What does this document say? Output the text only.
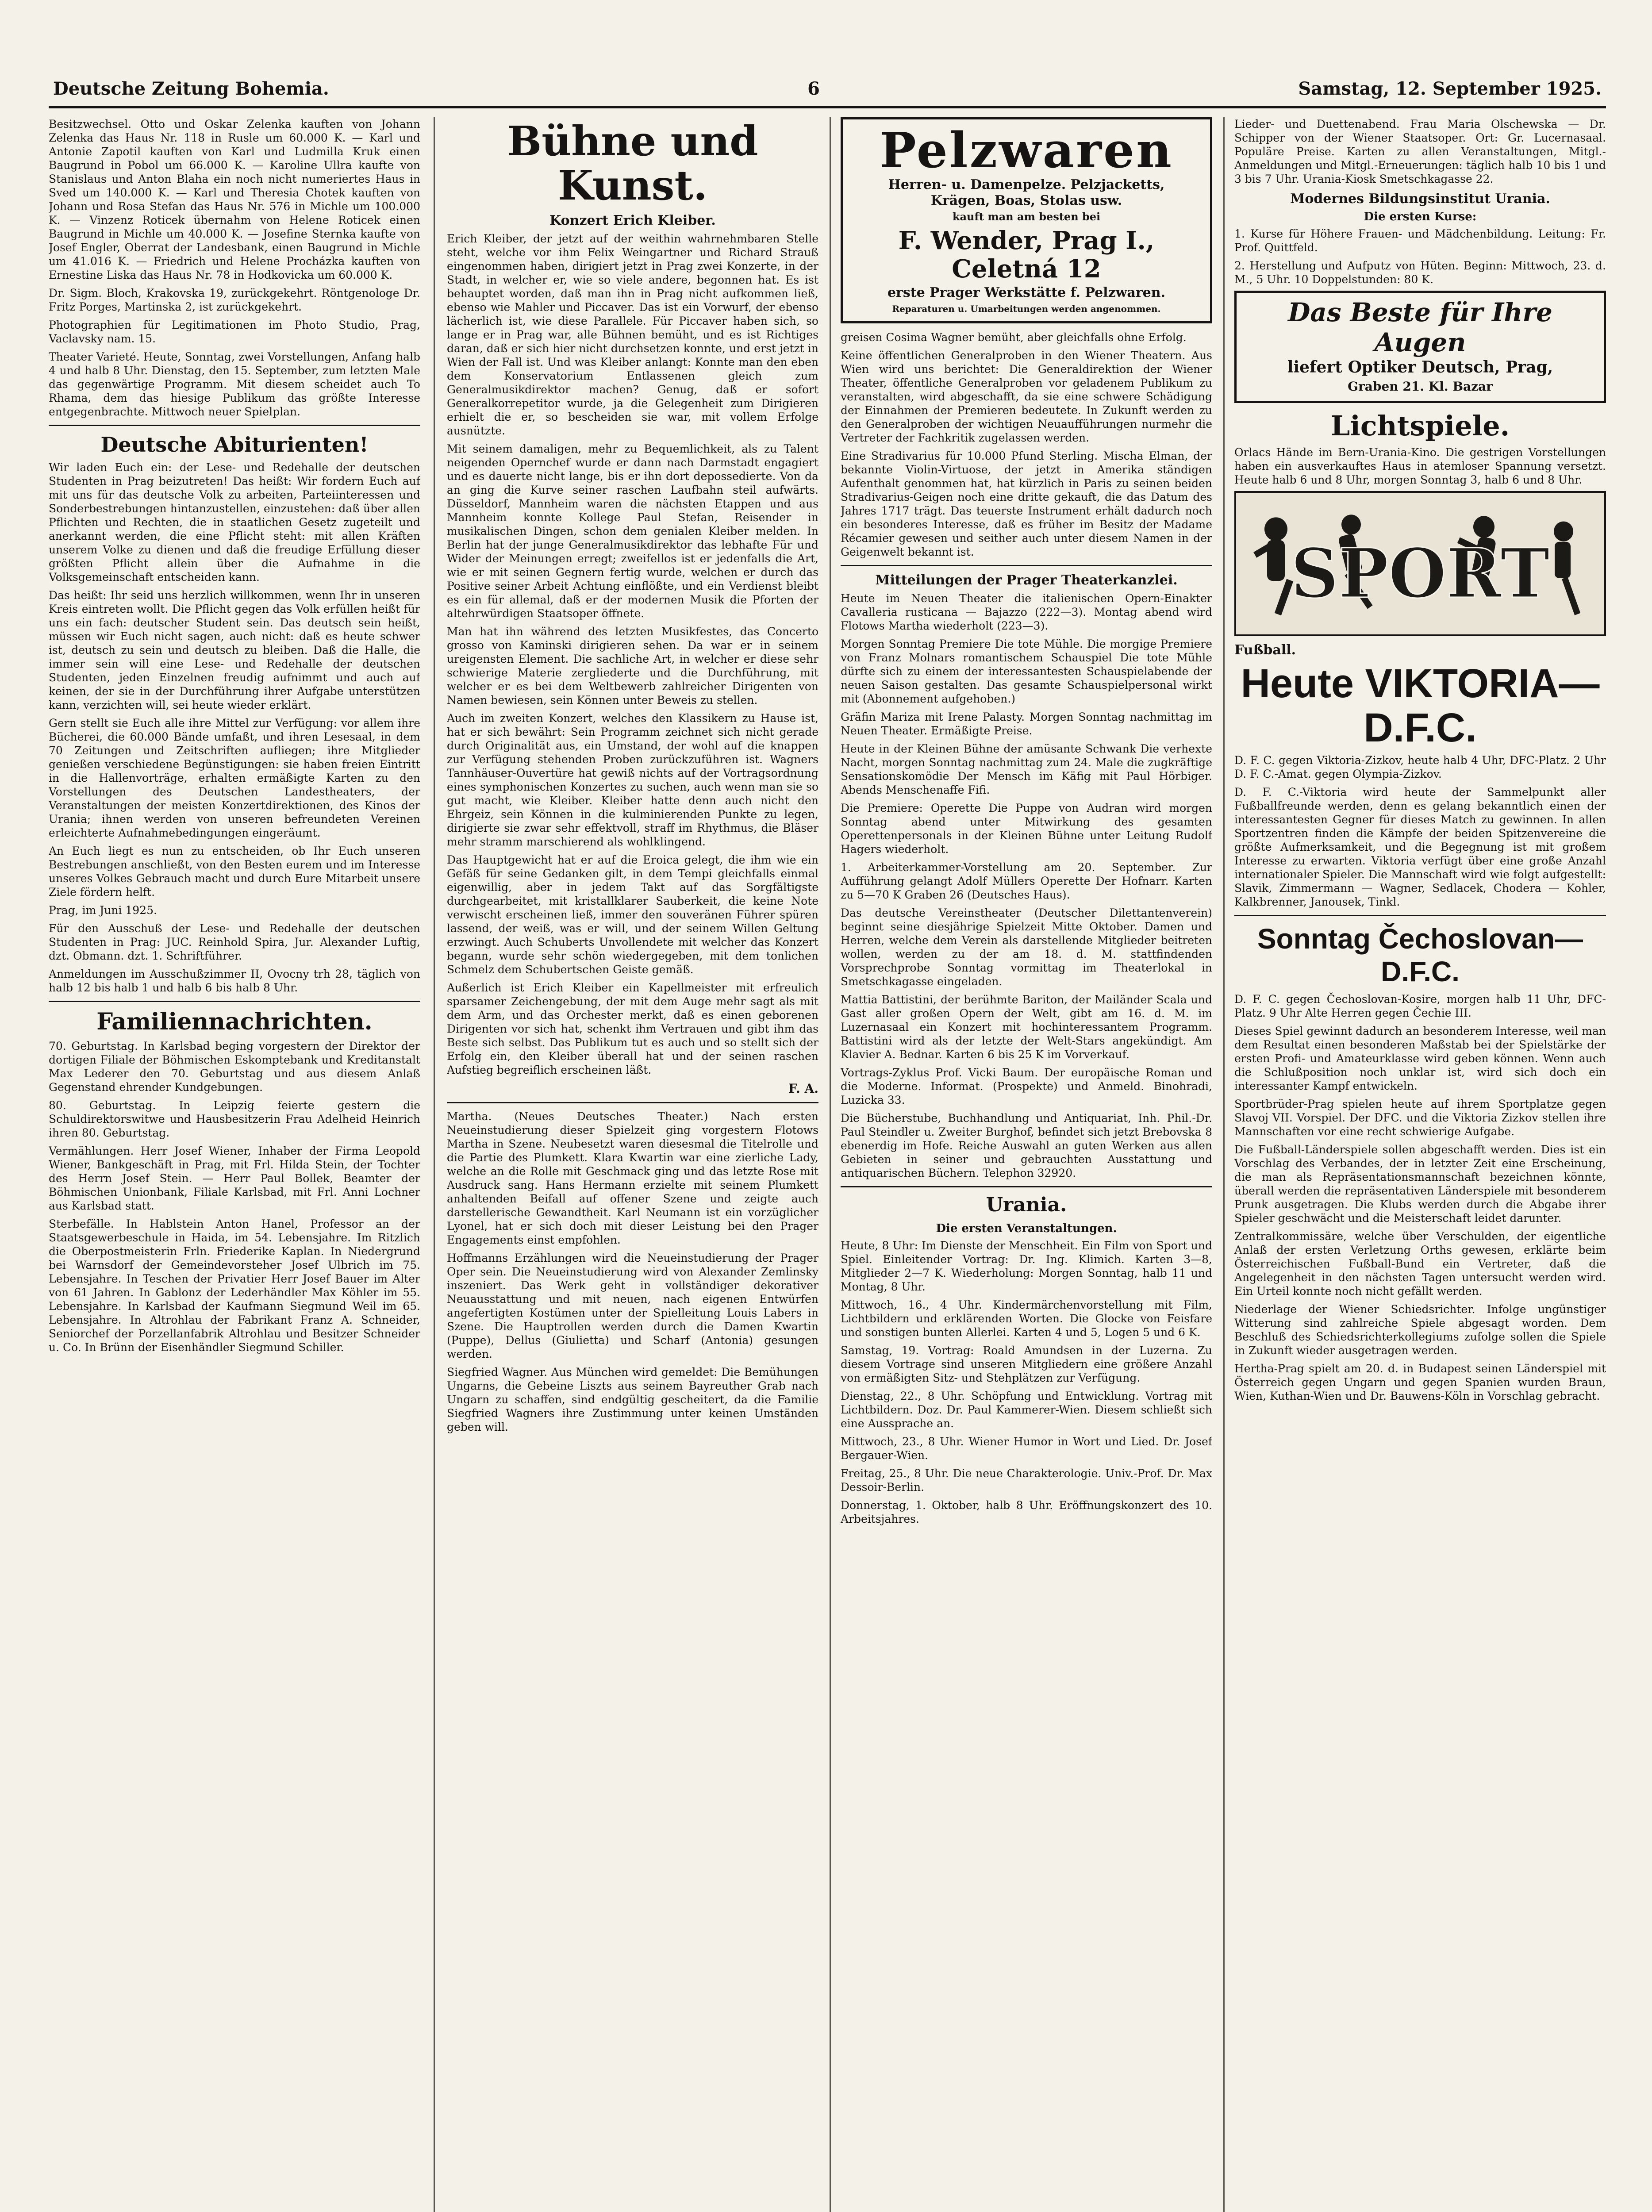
Deutsche Zeitung Bohemia.	6	Samstag, 12. September 1925.

Besitzwechsel. Otto und Oskar Zelenka kauften von Johann Zelenka das Haus Nr. 118 in Rusle um 60.000 K. — Karl und Antonie Zapotil kauften von Karl und Ludmilla Kruk einen Baugrund in Pobol um 66.000 K. — Karoline Ullra kaufte von Stanislaus und Anton Blaha ein noch nicht numeriertes Haus in Sved um 140.000 K. — Karl und Theresia Chotek kauften von Johann und Rosa Stefan das Haus Nr. 576 in Michle um 100.000 K. — Vinzenz Roticek übernahm von Helene Roticek einen Baugrund in Michle um 40.000 K. — Josefine Sternka kaufte von Josef Engler, Oberrat der Landesbank, einen Baugrund in Michle um 41.016 K. — Friedrich und Helene Procházka kauften von Ernestine Liska das Haus Nr. 78 in Hodkovicka um 60.000 K.

Dr. Sigm. Bloch, Krakovska 19, zurückgekehrt. Röntgenologe Dr. Fritz Porges, Martinska 2, ist zurückgekehrt.

Photographien für Legitimationen im Photo Studio, Prag, Vaclavsky nam. 15.

Theater Varieté. Heute, Sonntag, zwei Vorstellungen, Anfang halb 4 und halb 8 Uhr. Dienstag, den 15. September, zum letzten Male das gegenwärtige Programm. Mit diesem scheidet auch To Rhama, dem das hiesige Publikum das größte Interesse entgegenbrachte. Mittwoch neuer Spielplan.

Deutsche Abiturienten!

Wir laden Euch ein: der Lese- und Redehalle der deutschen Studenten in Prag beizutreten! Das heißt: Wir fordern Euch auf mit uns für das deutsche Volk zu arbeiten, Parteiinteressen und Sonderbestrebungen hintanzustellen, einzustehen: daß über allen Pflichten und Rechten, die in staatlichen Gesetz zugeteilt und anerkannt werden, die eine Pflicht steht: mit allen Kräften unserem Volke zu dienen und daß die freudige Erfüllung dieser größten Pflicht allein über die Aufnahme in die Volksgemeinschaft entscheiden kann.

Das heißt: Ihr seid uns herzlich willkommen, wenn Ihr in unseren Kreis eintreten wollt. Die Pflicht gegen das Volk erfüllen heißt für uns ein fach: deutscher Student sein. Das deutsch sein heißt, müssen wir Euch nicht sagen, auch nicht: daß es heute schwer ist, deutsch zu sein und deutsch zu bleiben. Daß die Halle, die immer sein will eine Lese- und Redehalle der deutschen Studenten, jeden Einzelnen freudig aufnimmt und auch auf keinen, der sie in der Durchführung ihrer Aufgabe unterstützen kann, verzichten will, sei heute wieder erklärt.

Gern stellt sie Euch alle ihre Mittel zur Verfügung: vor allem ihre Bücherei, die 60.000 Bände umfaßt, und ihren Lesesaal, in dem 70 Zeitungen und Zeitschriften aufliegen; ihre Mitglieder genießen verschiedene Begünstigungen: sie haben freien Eintritt in die Hallenvorträge, erhalten ermäßigte Karten zu den Vorstellungen des Deutschen Landestheaters, der Veranstaltungen der meisten Konzertdirektionen, des Kinos der Urania; ihnen werden von unseren befreundeten Vereinen erleichterte Aufnahmebedingungen eingeräumt.

An Euch liegt es nun zu entscheiden, ob Ihr Euch unseren Bestrebungen anschließt, von den Besten eurem und im Interesse unseres Volkes Gebrauch macht und durch Eure Mitarbeit unsere Ziele fördern helft.

Prag, im Juni 1925.

Für den Ausschuß der Lese- und Redehalle der deutschen Studenten in Prag: JUC. Reinhold Spira, Jur. Alexander Luftig, dzt. Obmann. dzt. 1. Schriftführer.

Anmeldungen im Ausschußzimmer II, Ovocny trh 28, täglich von halb 12 bis halb 1 und halb 6 bis halb 8 Uhr.

Familiennachrichten.

70. Geburtstag. In Karlsbad beging vorgestern der Direktor der dortigen Filiale der Böhmischen Eskomptebank und Kreditanstalt Max Lederer den 70. Geburtstag und aus diesem Anlaß Gegenstand ehrender Kundgebungen.

80. Geburtstag. In Leipzig feierte gestern die Schuldirektorswitwe und Hausbesitzerin Frau Adelheid Heinrich ihren 80. Geburtstag.

Vermählungen. Herr Josef Wiener, Inhaber der Firma Leopold Wiener, Bankgeschäft in Prag, mit Frl. Hilda Stein, der Tochter des Herrn Josef Stein. — Herr Paul Bollek, Beamter der Böhmischen Unionbank, Filiale Karlsbad, mit Frl. Anni Lochner aus Karlsbad statt.

Sterbefälle. In Hablstein Anton Hanel, Professor an der Staatsgewerbeschule in Haida, im 54. Lebensjahre. Im Ritzlich die Oberpostmeisterin Frln. Friederike Kaplan. In Niedergrund bei Warnsdorf der Gemeindevorsteher Josef Ulbrich im 75. Lebensjahre. In Teschen der Privatier Herr Josef Bauer im Alter von 61 Jahren. In Gablonz der Lederhändler Max Köhler im 55. Lebensjahre. In Karlsbad der Kaufmann Siegmund Weil im 65. Lebensjahre. In Altrohlau der Fabrikant Franz A. Schneider, Seniorchef der Porzellanfabrik Altrohlau und Besitzer Schneider u. Co. In Brünn der Eisenhändler Siegmund Schiller.

Bühne und Kunst.
Konzert Erich Kleiber.

Erich Kleiber, der jetzt auf der weithin wahrnehmbaren Stelle steht, welche vor ihm Felix Weingartner und Richard Strauß eingenommen haben, dirigiert jetzt in Prag zwei Konzerte, in der Stadt, in welcher er, wie so viele andere, begonnen hat. Es ist behauptet worden, daß man ihn in Prag nicht aufkommen ließ, ebenso wie Mahler und Piccaver. Das ist ein Vorwurf, der ebenso lächerlich ist, wie diese Parallele. Für Piccaver haben sich, so lange er in Prag war, alle Bühnen bemüht, und es ist Richtiges daran, daß er sich hier nicht durchsetzen konnte, und erst jetzt in Wien der Fall ist. Und was Kleiber anlangt: Konnte man den eben dem Konservatorium Entlassenen gleich zum Generalmusikdirektor machen? Genug, daß er sofort Generalkorrepetitor wurde, ja die Gelegenheit zum Dirigieren erhielt die er, so bescheiden sie war, mit vollem Erfolge ausnützte.

Mit seinem damaligen, mehr zu Bequemlichkeit, als zu Talent neigenden Opernchef wurde er dann nach Darmstadt engagiert und es dauerte nicht lange, bis er ihn dort depossedierte. Von da an ging die Kurve seiner raschen Laufbahn steil aufwärts. Düsseldorf, Mannheim waren die nächsten Etappen und aus Mannheim konnte Kollege Paul Stefan, Reisender in musikalischen Dingen, schon dem genialen Kleiber melden. In Berlin hat der junge Generalmusikdirektor das lebhafte Für und Wider der Meinungen erregt; zweifellos ist er jedenfalls die Art, wie er mit seinen Gegnern fertig wurde, welchen er durch das Positive seiner Arbeit Achtung einflößte, und ein Verdienst bleibt es ein für allemal, daß er der modernen Musik die Pforten der altehrwürdigen Staatsoper öffnete.

Man hat ihn während des letzten Musikfestes, das Concerto grosso von Kaminski dirigieren sehen. Da war er in seinem ureigensten Element. Die sachliche Art, in welcher er diese sehr schwierige Materie zergliederte und die Durchführung, mit welcher er es bei dem Weltbewerb zahlreicher Dirigenten von Namen bewiesen, sein Können unter Beweis zu stellen.

Auch im zweiten Konzert, welches den Klassikern zu Hause ist, hat er sich bewährt: Sein Programm zeichnet sich nicht gerade durch Originalität aus, ein Umstand, der wohl auf die knappen zur Verfügung stehenden Proben zurückzuführen ist. Wagners Tannhäuser-Ouvertüre hat gewiß nichts auf der Vortragsordnung eines symphonischen Konzertes zu suchen, auch wenn man sie so gut macht, wie Kleiber. Kleiber hatte denn auch nicht den Ehrgeiz, sein Können in die kulminierenden Punkte zu legen, dirigierte sie zwar sehr effektvoll, straff im Rhythmus, die Bläser mehr stramm marschierend als wohlklingend.

Das Hauptgewicht hat er auf die Eroica gelegt, die ihm wie ein Gefäß für seine Gedanken gilt, in dem Tempi gleichfalls einmal eigenwillig, aber in jedem Takt auf das Sorgfältigste durchgearbeitet, mit kristallklarer Sauberkeit, die keine Note verwischt erscheinen ließ, immer den souveränen Führer spüren lassend, der weiß, was er will, und der seinem Willen Geltung erzwingt. Auch Schuberts Unvollendete mit welcher das Konzert begann, wurde sehr schön wiedergegeben, mit dem tonlichen Schmelz dem Schubertschen Geiste gemäß.

Außerlich ist Erich Kleiber ein Kapellmeister mit erfreulich sparsamer Zeichengebung, der mit dem Auge mehr sagt als mit dem Arm, und das Orchester merkt, daß es einen geborenen Dirigenten vor sich hat, schenkt ihm Vertrauen und gibt ihm das Beste sich selbst. Das Publikum tut es auch und so stellt sich der Erfolg ein, den Kleiber überall hat und der seinen raschen Aufstieg begreiflich erscheinen läßt.

F. A.

Martha. (Neues Deutsches Theater.) Nach ersten Neueinstudierung dieser Spielzeit ging vorgestern Flotows Martha in Szene. Neubesetzt waren diesesmal die Titelrolle und die Partie des Plumkett. Klara Kwartin war eine zierliche Lady, welche an die Rolle mit Geschmack ging und das letzte Rose mit Ausdruck sang. Hans Hermann erzielte mit seinem Plumkett anhaltenden Beifall auf offener Szene und zeigte auch darstellerische Gewandtheit. Karl Neumann ist ein vorzüglicher Lyonel, hat er sich doch mit dieser Leistung bei den Prager Engagements einst empfohlen.

Hoffmanns Erzählungen wird die Neueinstudierung der Prager Oper sein. Die Neueinstudierung wird von Alexander Zemlinsky inszeniert. Das Werk geht in vollständiger dekorativer Neuausstattung und mit neuen, nach eigenen Entwürfen angefertigten Kostümen unter der Spielleitung Louis Labers in Szene. Die Hauptrollen werden durch die Damen Kwartin (Puppe), Dellus (Giulietta) und Scharf (Antonia) gesungen werden.

Siegfried Wagner. Aus München wird gemeldet: Die Bemühungen Ungarns, die Gebeine Liszts aus seinem Bayreuther Grab nach Ungarn zu schaffen, sind endgültig gescheitert, da die Familie Siegfried Wagners ihre Zustimmung unter keinen Umständen geben will.

Pelzwaren

Herren- u. Damenpelze. Pelzjacketts,

Krägen, Boas, Stolas usw.

kauft man am besten bei

F. Wender, Prag I., Celetná 12

erste Prager Werkstätte f. Pelzwaren.

Reparaturen u. Umarbeitungen werden angenommen.

greisen Cosima Wagner bemüht, aber gleichfalls ohne Erfolg.

Keine öffentlichen Generalproben in den Wiener Theatern. Aus Wien wird uns berichtet: Die Generaldirektion der Wiener Theater, öffentliche Generalproben vor geladenem Publikum zu veranstalten, wird abgeschafft, da sie eine schwere Schädigung der Einnahmen der Premieren bedeutete. In Zukunft werden zu den Generalproben der wichtigen Neuaufführungen nurmehr die Vertreter der Fachkritik zugelassen werden.

Eine Stradivarius für 10.000 Pfund Sterling. Mischa Elman, der bekannte Violin-Virtuose, der jetzt in Amerika ständigen Aufenthalt genommen hat, hat kürzlich in Paris zu seinen beiden Stradivarius-Geigen noch eine dritte gekauft, die das Datum des Jahres 1717 trägt. Das teuerste Instrument erhält dadurch noch ein besonderes Interesse, daß es früher im Besitz der Madame Récamier gewesen und seither auch unter diesem Namen in der Geigenwelt bekannt ist.

Mitteilungen der Prager Theaterkanzlei.

Heute im Neuen Theater die italienischen Opern-Einakter Cavalleria rusticana — Bajazzo (222—3). Montag abend wird Flotows Martha wiederholt (223—3).

Morgen Sonntag Premiere Die tote Mühle. Die morgige Premiere von Franz Molnars romantischem Schauspiel Die tote Mühle dürfte sich zu einem der interessantesten Schauspielabende der neuen Saison gestalten. Das gesamte Schauspielpersonal wirkt mit (Abonnement aufgehoben.)

Gräfin Mariza mit Irene Palasty. Morgen Sonntag nachmittag im Neuen Theater. Ermäßigte Preise.

Heute in der Kleinen Bühne der amüsante Schwank Die verhexte Nacht, morgen Sonntag nachmittag zum 24. Male die zugkräftige Sensationskomödie Der Mensch im Käfig mit Paul Hörbiger. Abends Menschenaffe Fifi.

Die Premiere: Operette Die Puppe von Audran wird morgen Sonntag abend unter Mitwirkung des gesamten Operettenpersonals in der Kleinen Bühne unter Leitung Rudolf Hagers wiederholt.

1. Arbeiterkammer-Vorstellung am 20. September. Zur Aufführung gelangt Adolf Müllers Operette Der Hofnarr. Karten zu 5—70 K Graben 26 (Deutsches Haus).

Das deutsche Vereinstheater (Deutscher Dilettantenverein) beginnt seine diesjährige Spielzeit Mitte Oktober. Damen und Herren, welche dem Verein als darstellende Mitglieder beitreten wollen, werden zu der am 18. d. M. stattfindenden Vorsprechprobe Sonntag vormittag im Theaterlokal in Smetschkagasse eingeladen.

Mattia Battistini, der berühmte Bariton, der Mailänder Scala und Gast aller großen Opern der Welt, gibt am 16. d. M. im Luzernasaal ein Konzert mit hochinteressantem Programm. Battistini wird als der letzte der Welt-Stars angekündigt. Am Klavier A. Bednar. Karten 6 bis 25 K im Vorverkauf.

Vortrags-Zyklus Prof. Vicki Baum. Der europäische Roman und die Moderne. Informat. (Prospekte) und Anmeld. Binohradi, Luzicka 33.

Die Bücherstube, Buchhandlung und Antiquariat, Inh. Phil.-Dr. Paul Steindler u. Zweiter Burghof, befindet sich jetzt Brebovska 8 ebenerdig im Hofe. Reiche Auswahl an guten Werken aus allen Gebieten in seiner und gebrauchten Ausstattung und antiquarischen Büchern. Telephon 32920.

Urania.
Die ersten Veranstaltungen.

Heute, 8 Uhr: Im Dienste der Menschheit. Ein Film von Sport und Spiel. Einleitender Vortrag: Dr. Ing. Klimich. Karten 3—8, Mitglieder 2—7 K. Wiederholung: Morgen Sonntag, halb 11 und Montag, 8 Uhr.

Mittwoch, 16., 4 Uhr. Kindermärchenvorstellung mit Film, Lichtbildern und erklärenden Worten. Die Glocke von Feisfare und sonstigen bunten Allerlei. Karten 4 und 5, Logen 5 und 6 K.

Samstag, 19. Vortrag: Roald Amundsen in der Luzerna. Zu diesem Vortrage sind unseren Mitgliedern eine größere Anzahl von ermäßigten Sitz- und Stehplätzen zur Verfügung.

Dienstag, 22., 8 Uhr. Schöpfung und Entwicklung. Vortrag mit Lichtbildern. Doz. Dr. Paul Kammerer-Wien. Diesem schließt sich eine Aussprache an.

Mittwoch, 23., 8 Uhr. Wiener Humor in Wort und Lied. Dr. Josef Bergauer-Wien.

Freitag, 25., 8 Uhr. Die neue Charakterologie. Univ.-Prof. Dr. Max Dessoir-Berlin.

Donnerstag, 1. Oktober, halb 8 Uhr. Eröffnungskonzert des 10. Arbeitsjahres.

Lieder- und Duettenabend. Frau Maria Olschewska — Dr. Schipper von der Wiener Staatsoper. Ort: Gr. Lucernasaal. Populäre Preise. Karten zu allen Veranstaltungen, Mitgl.-Anmeldungen und Mitgl.-Erneuerungen: täglich halb 10 bis 1 und 3 bis 7 Uhr. Urania-Kiosk Smetschkagasse 22.

Modernes Bildungsinstitut Urania.
Die ersten Kurse:

1. Kurse für Höhere Frauen- und Mädchenbildung. Leitung: Fr. Prof. Quittfeld.

2. Herstellung und Aufputz von Hüten. Beginn: Mittwoch, 23. d. M., 5 Uhr. 10 Doppelstunden: 80 K.

Das Beste für Ihre Augen

liefert Optiker Deutsch, Prag,

Graben 21. Kl. Bazar

Lichtspiele.

Orlacs Hände im Bern-Urania-Kino. Die gestrigen Vorstellungen haben ein ausverkauftes Haus in atemloser Spannung versetzt. Heute halb 6 und 8 Uhr, morgen Sonntag 3, halb 6 und 8 Uhr.

SPORT
Fußball.
Heute VIKTORIA—D.F.C.

D. F. C. gegen Viktoria-Zizkov, heute halb 4 Uhr, DFC-Platz. 2 Uhr D. F. C.-Amat. gegen Olympia-Zizkov.

D. F. C.-Viktoria wird heute der Sammelpunkt aller Fußballfreunde werden, denn es gelang bekanntlich einen der interessantesten Gegner für dieses Match zu gewinnen. In allen Sportzentren finden die Kämpfe der beiden Spitzenvereine die größte Aufmerksamkeit, und die Begegnung ist mit großem Interesse zu erwarten. Viktoria verfügt über eine große Anzahl internationaler Spieler. Die Mannschaft wird wie folgt aufgestellt: Slavik, Zimmermann — Wagner, Sedlacek, Chodera — Kohler, Kalkbrenner, Janousek, Tinkl.

Sonntag Čechoslovan—D.F.C.

D. F. C. gegen Čechoslovan-Kosire, morgen halb 11 Uhr, DFC-Platz. 9 Uhr Alte Herren gegen Čechie III.

Dieses Spiel gewinnt dadurch an besonderem Interesse, weil man dem Resultat einen besonderen Maßstab bei der Spielstärke der ersten Profi- und Amateurklasse wird geben können. Wenn auch die Schlußposition noch unklar ist, wird sich doch ein interessanter Kampf entwickeln.

Sportbrüder-Prag spielen heute auf ihrem Sportplatze gegen Slavoj VII. Vorspiel. Der DFC. und die Viktoria Zizkov stellen ihre Mannschaften vor eine recht schwierige Aufgabe.

Die Fußball-Länderspiele sollen abgeschafft werden. Dies ist ein Vorschlag des Verbandes, der in letzter Zeit eine Erscheinung, die man als Repräsentationsmannschaft bezeichnen könnte, überall werden die repräsentativen Länderspiele mit besonderem Prunk ausgetragen. Die Klubs werden durch die Abgabe ihrer Spieler geschwächt und die Meisterschaft leidet darunter.

Zentralkommissäre, welche über Verschulden, der eigentliche Anlaß der ersten Verletzung Orths gewesen, erklärte beim Österreichischen Fußball-Bund ein Vertreter, daß die Angelegenheit in den nächsten Tagen untersucht werden wird. Ein Urteil konnte noch nicht gefällt werden.

Niederlage der Wiener Schiedsrichter. Infolge ungünstiger Witterung sind zahlreiche Spiele abgesagt worden. Dem Beschluß des Schiedsrichterkollegiums zufolge sollen die Spiele in Zukunft wieder ausgetragen werden.

Hertha-Prag spielt am 20. d. in Budapest seinen Länderspiel mit Österreich gegen Ungarn und gegen Spanien wurden Braun, Wien, Kuthan-Wien und Dr. Bauwens-Köln in Vorschlag gebracht.
